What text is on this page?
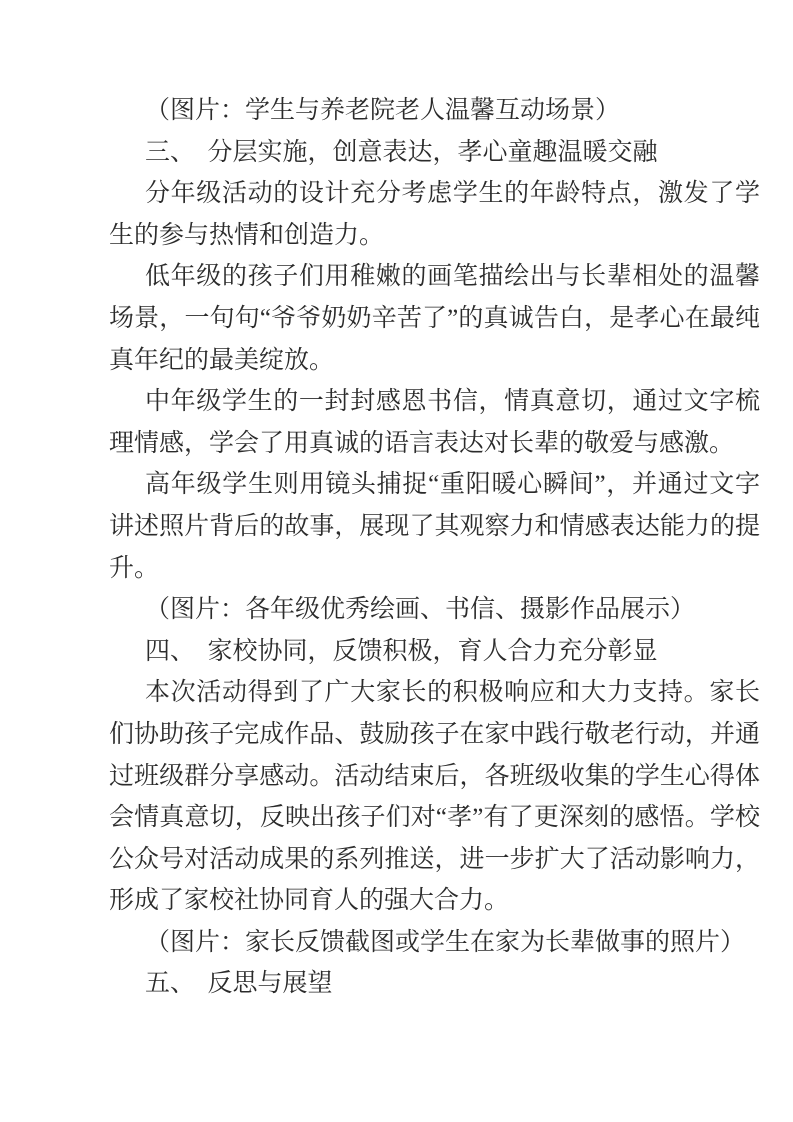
（图片：学生与养老院老人温馨互动场景）

三、　分层实施，创意表达，孝心童趣温暖交融

分年级活动的设计充分考虑学生的年龄特点，激发了学生的参与热情和创造力。

低年级的孩子们用稚嫩的画笔描绘出与长辈相处的温馨场景，一句句“爷爷奶奶辛苦了”的真诚告白，是孝心在最纯真年纪的最美绽放。

中年级学生的一封封感恩书信，情真意切，通过文字梳理情感，学会了用真诚的语言表达对长辈的敬爱与感激。

高年级学生则用镜头捕捉“重阳暖心瞬间”，并通过文字讲述照片背后的故事，展现了其观察力和情感表达能力的提升。

（图片：各年级优秀绘画、书信、摄影作品展示）

四、　家校协同，反馈积极，育人合力充分彰显

本次活动得到了广大家长的积极响应和大力支持。家长们协助孩子完成作品、鼓励孩子在家中践行敬老行动，并通过班级群分享感动。活动结束后，各班级收集的学生心得体会情真意切，反映出孩子们对“孝”有了更深刻的感悟。学校公众号对活动成果的系列推送，进一步扩大了活动影响力，形成了家校社协同育人的强大合力。

（图片：家长反馈截图或学生在家为长辈做事的照片）

五、　反思与展望
